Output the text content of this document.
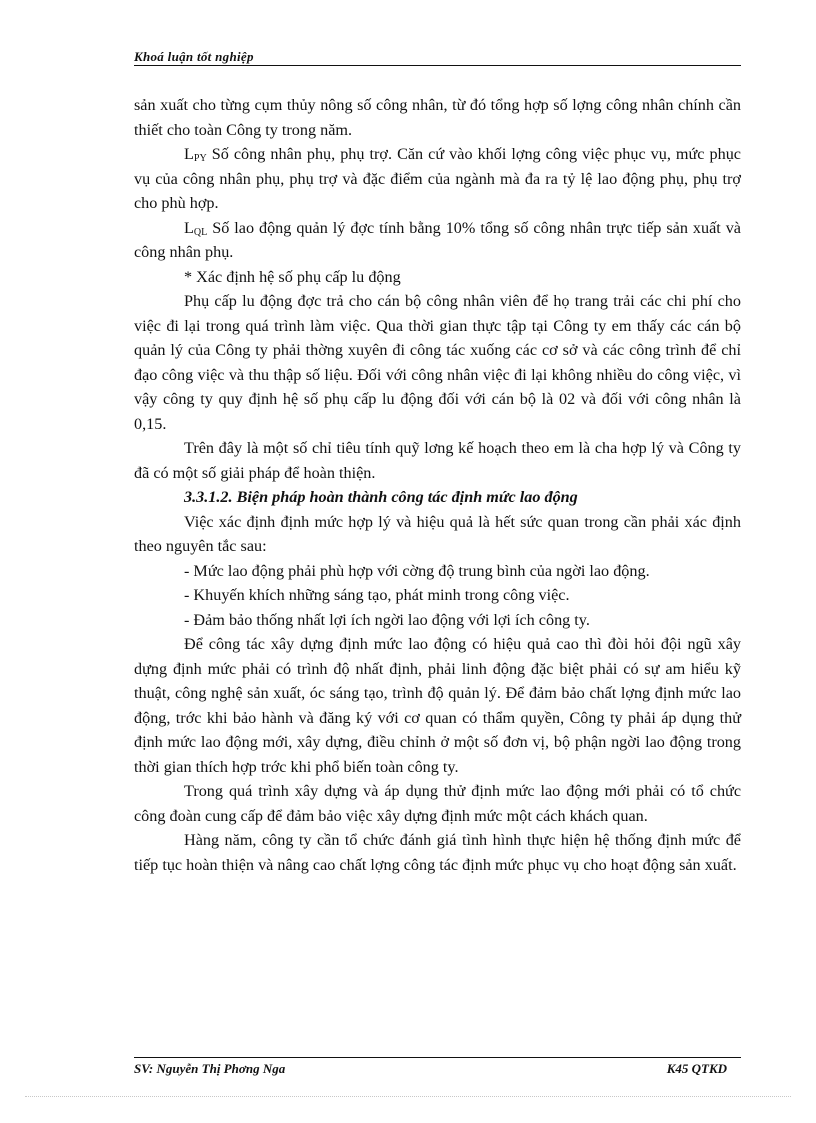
Khoá luận tốt nghiệp

sản xuất cho từng cụm thủy nông số công nhân, từ đó tổng hợp số lợng công nhân chính cần thiết cho toàn Công ty trong năm.

$L_{PY}$ Số công nhân phụ, phụ trợ. Căn cứ vào khối lợng công việc phục vụ, mức phục vụ của công nhân phụ, phụ trợ và đặc điểm của ngành mà đa ra tỷ lệ lao động phụ, phụ trợ cho phù hợp.

$L_{QL}$ Số lao động quản lý đợc tính bằng 10% tổng số công nhân trực tiếp sản xuất và công nhân phụ.

* Xác định hệ số phụ cấp lu động

Phụ cấp lu động đợc trả cho cán bộ công nhân viên để họ trang trải các chi phí cho việc đi lại trong quá trình làm việc. Qua thời gian thực tập tại Công ty em thấy các cán bộ quản lý của Công ty phải thờng xuyên đi công tác xuống các cơ sở và các công trình để chỉ đạo công việc và thu thập số liệu. Đối với công nhân việc đi lại không nhiều do công việc, vì vậy công ty quy định hệ số phụ cấp lu động đối với cán bộ là 02 và đối với công nhân là 0,15.

Trên đây là một số chỉ tiêu tính quỹ lơng kế hoạch theo em là cha hợp lý và Công ty đã có một số giải pháp để hoàn thiện.

3.3.1.2. Biện pháp hoàn thành công tác định mức lao động

Việc xác định định mức hợp lý và hiệu quả là hết sức quan trong cần phải xác định theo nguyên tắc sau:

- Mức lao động phải phù hợp với cờng độ trung bình của ngời lao động.

- Khuyến khích những sáng tạo, phát minh trong công việc.

- Đảm bảo thống nhất lợi ích ngời lao động với lợi ích công ty.

Để công tác xây dựng định mức lao động có hiệu quả cao thì đòi hỏi đội ngũ xây dựng định mức phải có trình độ nhất định, phải linh động đặc biệt phải có sự am hiểu kỹ thuật, công nghệ sản xuất, óc sáng tạo, trình độ quản lý. Để đảm bảo chất lợng định mức lao động, trớc khi bảo hành và đăng ký với cơ quan có thẩm quyền, Công ty phải áp dụng thử định mức lao động mới, xây dựng, điều chỉnh ở một số đơn vị, bộ phận ngời lao động trong thời gian thích hợp trớc khi phổ biến toàn công ty.

Trong quá trình xây dựng và áp dụng thử định mức lao động mới phải có tổ chức công đoàn cung cấp để đảm bảo việc xây dựng định mức một cách khách quan.

Hàng năm, công ty cần tổ chức đánh giá tình hình thực hiện hệ thống định mức để tiếp tục hoàn thiện và nâng cao chất lợng công tác định mức phục vụ cho hoạt động sản xuất.

SV: Nguyễn Thị Phơng Nga	K45 QTKD
